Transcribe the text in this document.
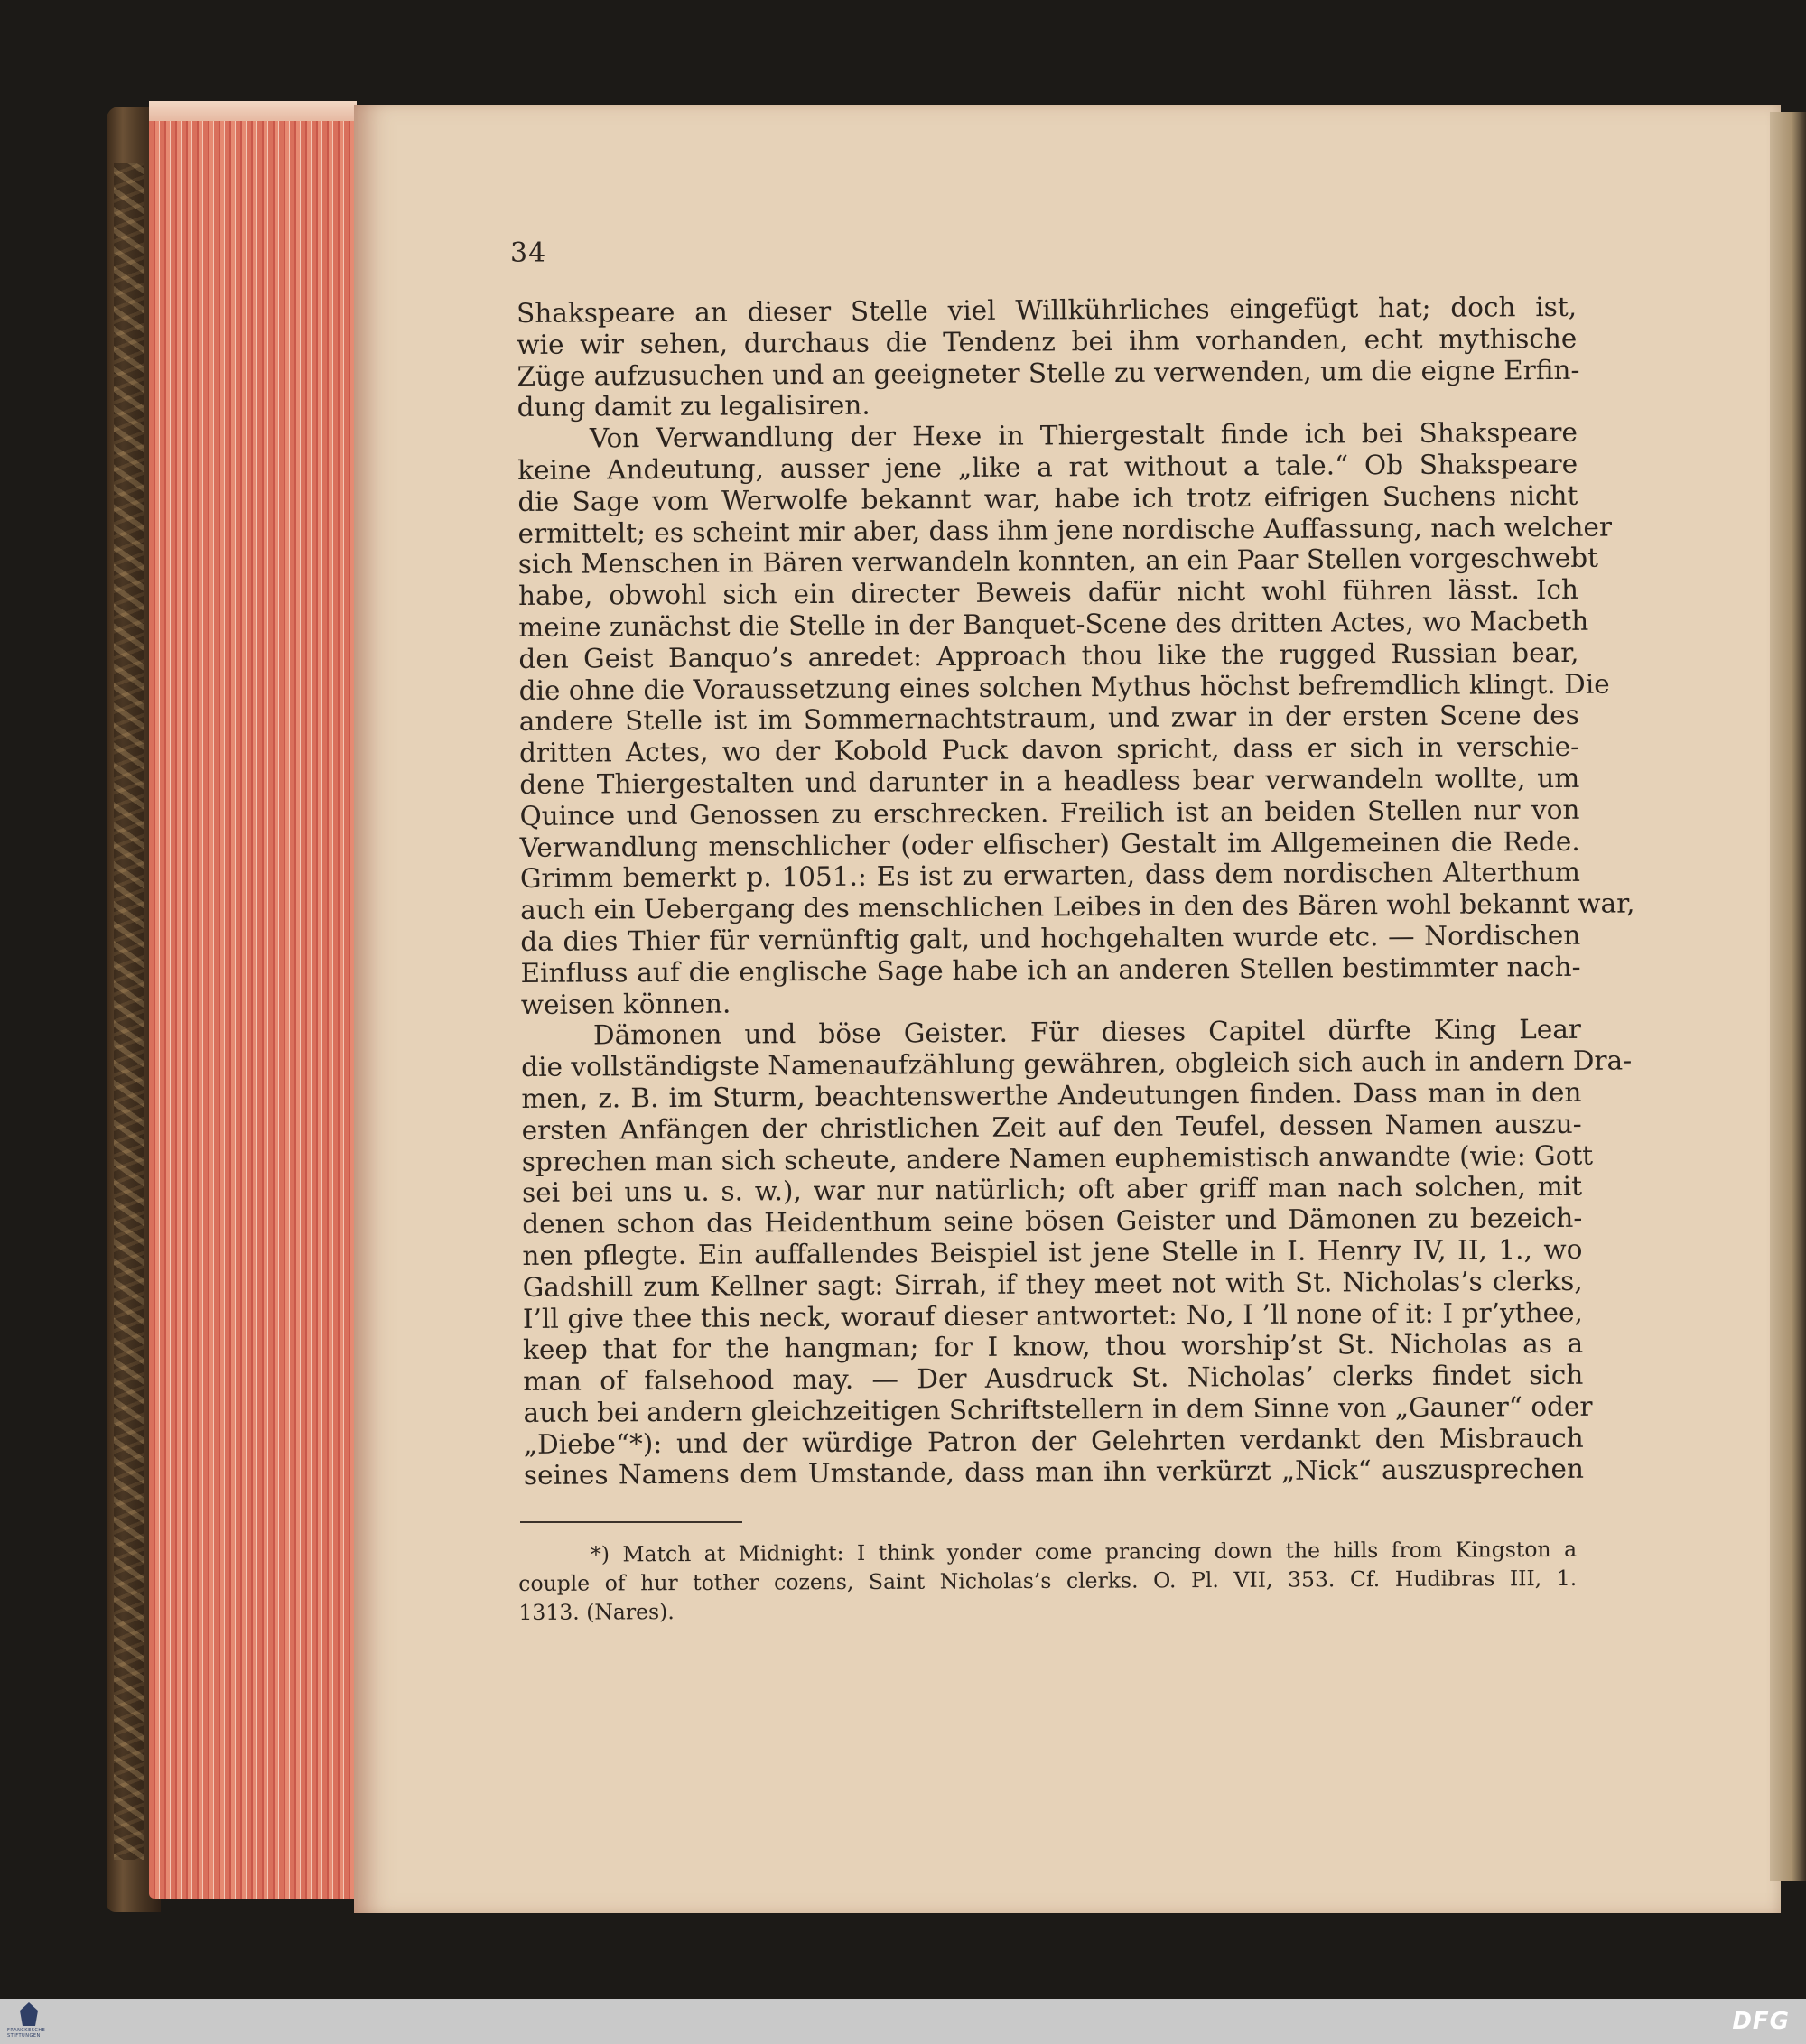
34
Shakspeare an dieser Stelle viel Willkührliches eingefügt hat; doch ist,
wie wir sehen, durchaus die Tendenz bei ihm vorhanden, echt mythische
Züge aufzusuchen und an geeigneter Stelle zu verwenden, um die eigne Erfin-
dung damit zu legalisiren.
Von Verwandlung der Hexe in Thiergestalt finde ich bei Shakspeare
keine Andeutung, ausser jene „like a rat without a tale.“ Ob Shakspeare
die Sage vom Werwolfe bekannt war, habe ich trotz eifrigen Suchens nicht
ermittelt; es scheint mir aber, dass ihm jene nordische Auffassung, nach welcher
sich Menschen in Bären verwandeln konnten, an ein Paar Stellen vorgeschwebt
habe, obwohl sich ein directer Beweis dafür nicht wohl führen lässt. Ich
meine zunächst die Stelle in der Banquet-Scene des dritten Actes, wo Macbeth
den Geist Banquo’s anredet: Approach thou like the rugged Russian bear,
die ohne die Voraussetzung eines solchen Mythus höchst befremdlich klingt. Die
andere Stelle ist im Sommernachtstraum, und zwar in der ersten Scene des
dritten Actes, wo der Kobold Puck davon spricht, dass er sich in verschie-
dene Thiergestalten und darunter in a headless bear verwandeln wollte, um
Quince und Genossen zu erschrecken. Freilich ist an beiden Stellen nur von
Verwandlung menschlicher (oder elfischer) Gestalt im Allgemeinen die Rede.
Grimm bemerkt p. 1051.: Es ist zu erwarten, dass dem nordischen Alterthum
auch ein Uebergang des menschlichen Leibes in den des Bären wohl bekannt war,
da dies Thier für vernünftig galt, und hochgehalten wurde etc. — Nordischen
Einfluss auf die englische Sage habe ich an anderen Stellen bestimmter nach-
weisen können.
Dämonen und böse Geister. Für dieses Capitel dürfte King Lear
die vollständigste Namenaufzählung gewähren, obgleich sich auch in andern Dra-
men, z. B. im Sturm, beachtenswerthe Andeutungen finden. Dass man in den
ersten Anfängen der christlichen Zeit auf den Teufel, dessen Namen auszu-
sprechen man sich scheute, andere Namen euphemistisch anwandte (wie: Gott
sei bei uns u. s. w.), war nur natürlich; oft aber griff man nach solchen, mit
denen schon das Heidenthum seine bösen Geister und Dämonen zu bezeich-
nen pflegte. Ein auffallendes Beispiel ist jene Stelle in I. Henry IV, II, 1., wo
Gadshill zum Kellner sagt: Sirrah, if they meet not with St. Nicholas’s clerks,
I’ll give thee this neck, worauf dieser antwortet: No, I ’ll none of it: I pr’ythee,
keep that for the hangman; for I know, thou worship’st St. Nicholas as a
man of falsehood may. — Der Ausdruck St. Nicholas’ clerks findet sich
auch bei andern gleichzeitigen Schriftstellern in dem Sinne von „Gauner“ oder
„Diebe“*): und der würdige Patron der Gelehrten verdankt den Misbrauch
seines Namens dem Umstande, dass man ihn verkürzt „Nick“ auszusprechen
*) Match at Midnight: I think yonder come prancing down the hills from Kingston a
couple of hur tother cozens, Saint Nicholas’s clerks. O. Pl. VII, 353. Cf. Hudibras III, 1.
1313. (Nares).
FRANCKESCHE STIFTUNGEN
DFG
